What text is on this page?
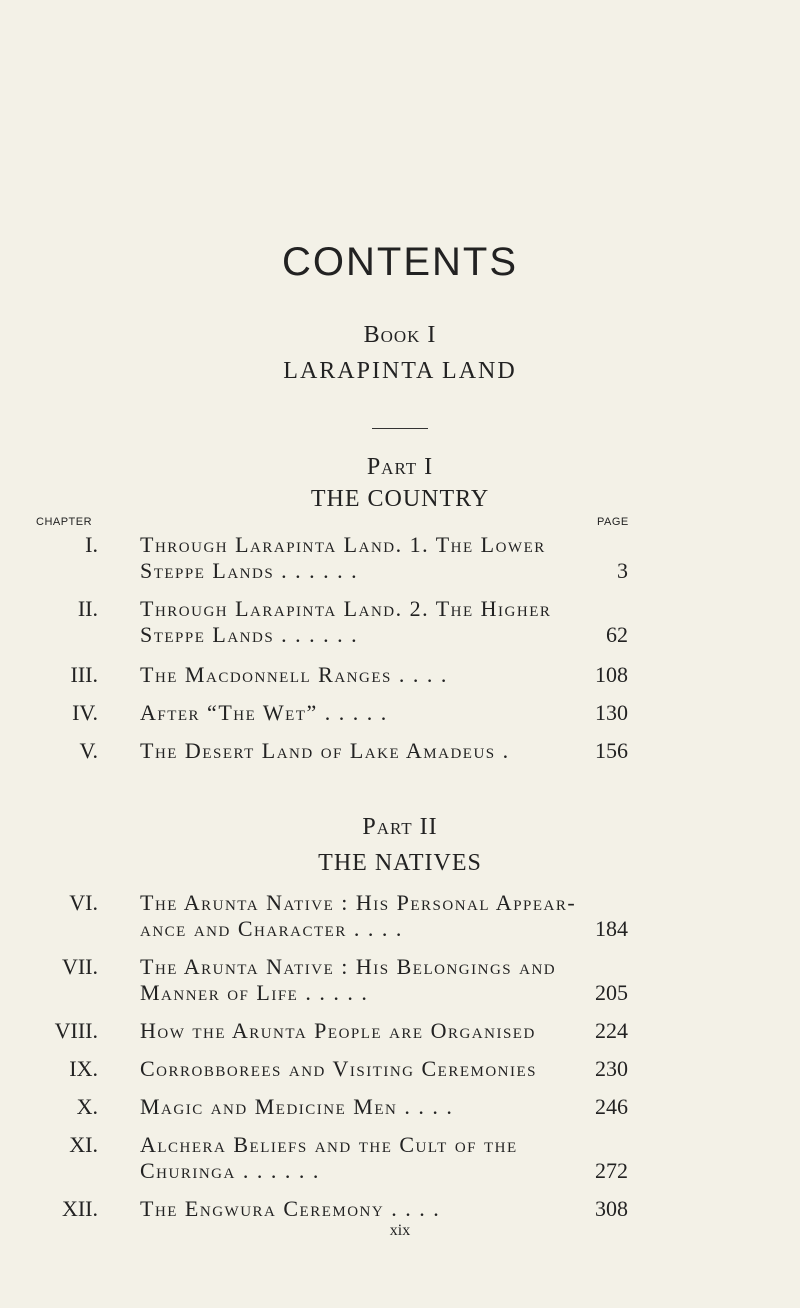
CONTENTS
Book I
LARAPINTA LAND
Part I
THE COUNTRY
CHAPTER	PAGE
I. Through Larapinta Land. 1. The Lower
Steppe Lands . . . . . .	3
II. Through Larapinta Land. 2. The Higher
Steppe Lands . . . . . .	62
III. The Macdonnell Ranges . . . .	108
IV. After “The Wet” . . . . .	130
V. The Desert Land of Lake Amadeus .	156
Part II
THE NATIVES
VI. The Arunta Native : His Personal Appear-
ance and Character . . . .	184
VII. The Arunta Native : His Belongings and
Manner of Life . . . . .	205
VIII. How the Arunta People are Organised	224
IX. Corrobborees and Visiting Ceremonies	230
X. Magic and Medicine Men . . . .	246
XI. Alchera Beliefs and the Cult of the
Churinga . . . . . .	272
XII. The Engwura Ceremony . . . .	308
xix
